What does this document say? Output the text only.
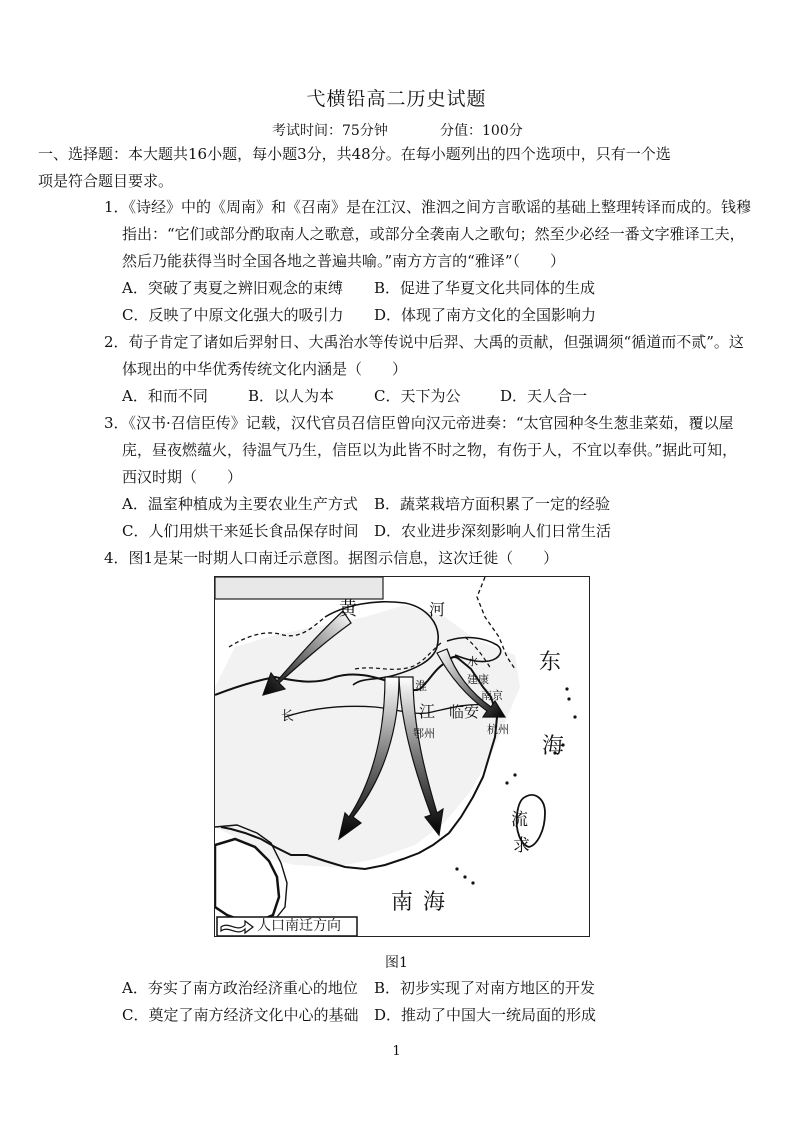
弋横铅高二历史试题
考试时间：75分钟	分值：100分
一、选择题：本大题共16小题，每小题3分，共48分。在每小题列出的四个选项中，只有一个选
项是符合题目要求。
1．《诗经》中的《周南》和《召南》是在江汉、淮泗之间方言歌谣的基础上整理转译而成的。钱穆
指出：“它们或部分酌取南人之歌意，或部分全袭南人之歌句；然至少必经一番文字雅译工夫，
然后乃能获得当时全国各地之普遍共喻。”南方方言的“雅译”（　　）
A．突破了夷夏之辨旧观念的束缚 B．促进了华夏文化共同体的生成
C．反映了中原文化强大的吸引力 D．体现了南方文化的全国影响力
2．荀子肯定了诸如后羿射日、大禹治水等传说中后羿、大禹的贡献，但强调须“循道而不贰”。这
体现出的中华优秀传统文化内涵是（　　）
A．和而不同	B．以人为本	C．天下为公	D．天人合一
3．《汉书·召信臣传》记载，汉代官员召信臣曾向汉元帝进奏：“太官园种冬生葱韭菜茹，覆以屋
庑，昼夜燃蕴火，待温气乃生，信臣以为此皆不时之物，有伤于人，不宜以奉供。”据此可知，
西汉时期（　　）
A．温室种植成为主要农业生产方式 B．蔬菜栽培方面积累了一定的经验
C．人们用烘干来延长食品保存时间 D．农业进步深刻影响人们日常生活
4．图1是某一时期人口南迁示意图。据图示信息，这次迁徙（　　）
黄	河
东
海
水
建康
南京
淮
长	江 临安
鄂州	杭州
流
求
南 海
人口南迁方向
图1
A．夯实了南方政治经济重心的地位 B．初步实现了对南方地区的开发
C．奠定了南方经济文化中心的基础 D．推动了中国大一统局面的形成
1
